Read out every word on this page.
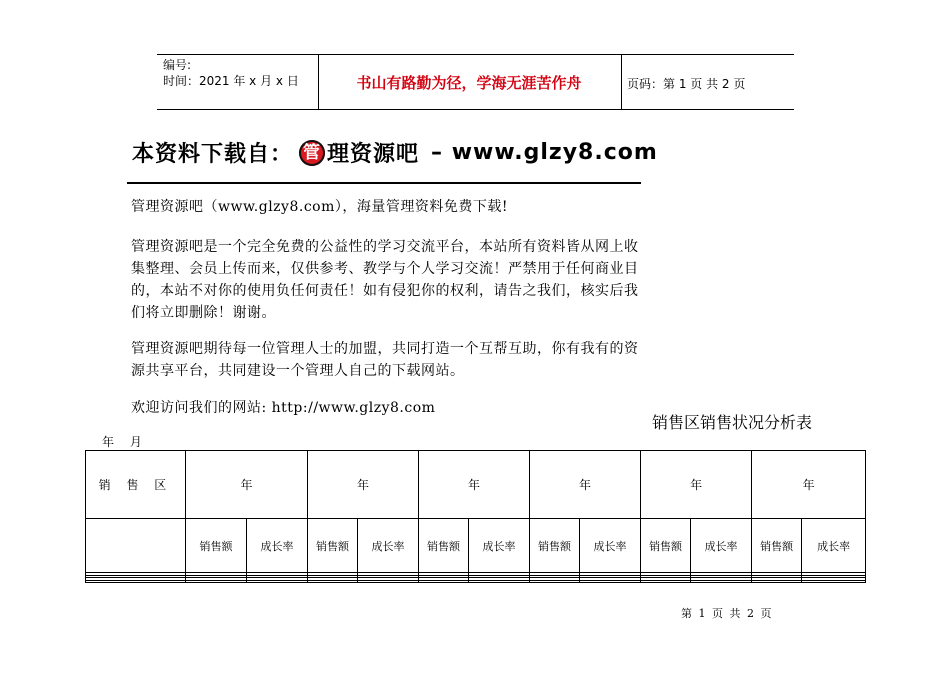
编号:
时间：2021 年 x 月 x 日	书山有路勤为径，学海无涯苦作舟	页码：第 1 页 共 2 页
本资料下载自： 管 理资源吧 – www.glzy8.com
管理资源吧（www.glzy8.com），海量管理资料免费下载!
管理资源吧是一个完全免费的公益性的学习交流平台，本站所有资料皆从网上收集整理、会员上传而来，仅供参考、教学与个人学习交流！严禁用于任何商业目的，本站不对你的使用负任何责任！如有侵犯你的权利，请告之我们，核实后我们将立即删除！谢谢。
管理资源吧期待每一位管理人士的加盟，共同打造一个互帮互助，你有我有的资源共享平台，共同建设一个管理人自己的下载网站。
欢迎访问我们的网站: http://www.glzy8.com
销售区销售状况分析表
年 月
销 售 区	年		年		年		年		年		年	
	销售额	成长率	销售额	成长率	销售额	成长率	销售额	成长率	销售额	成长率	销售额	成长率

第 1 页 共 2 页
